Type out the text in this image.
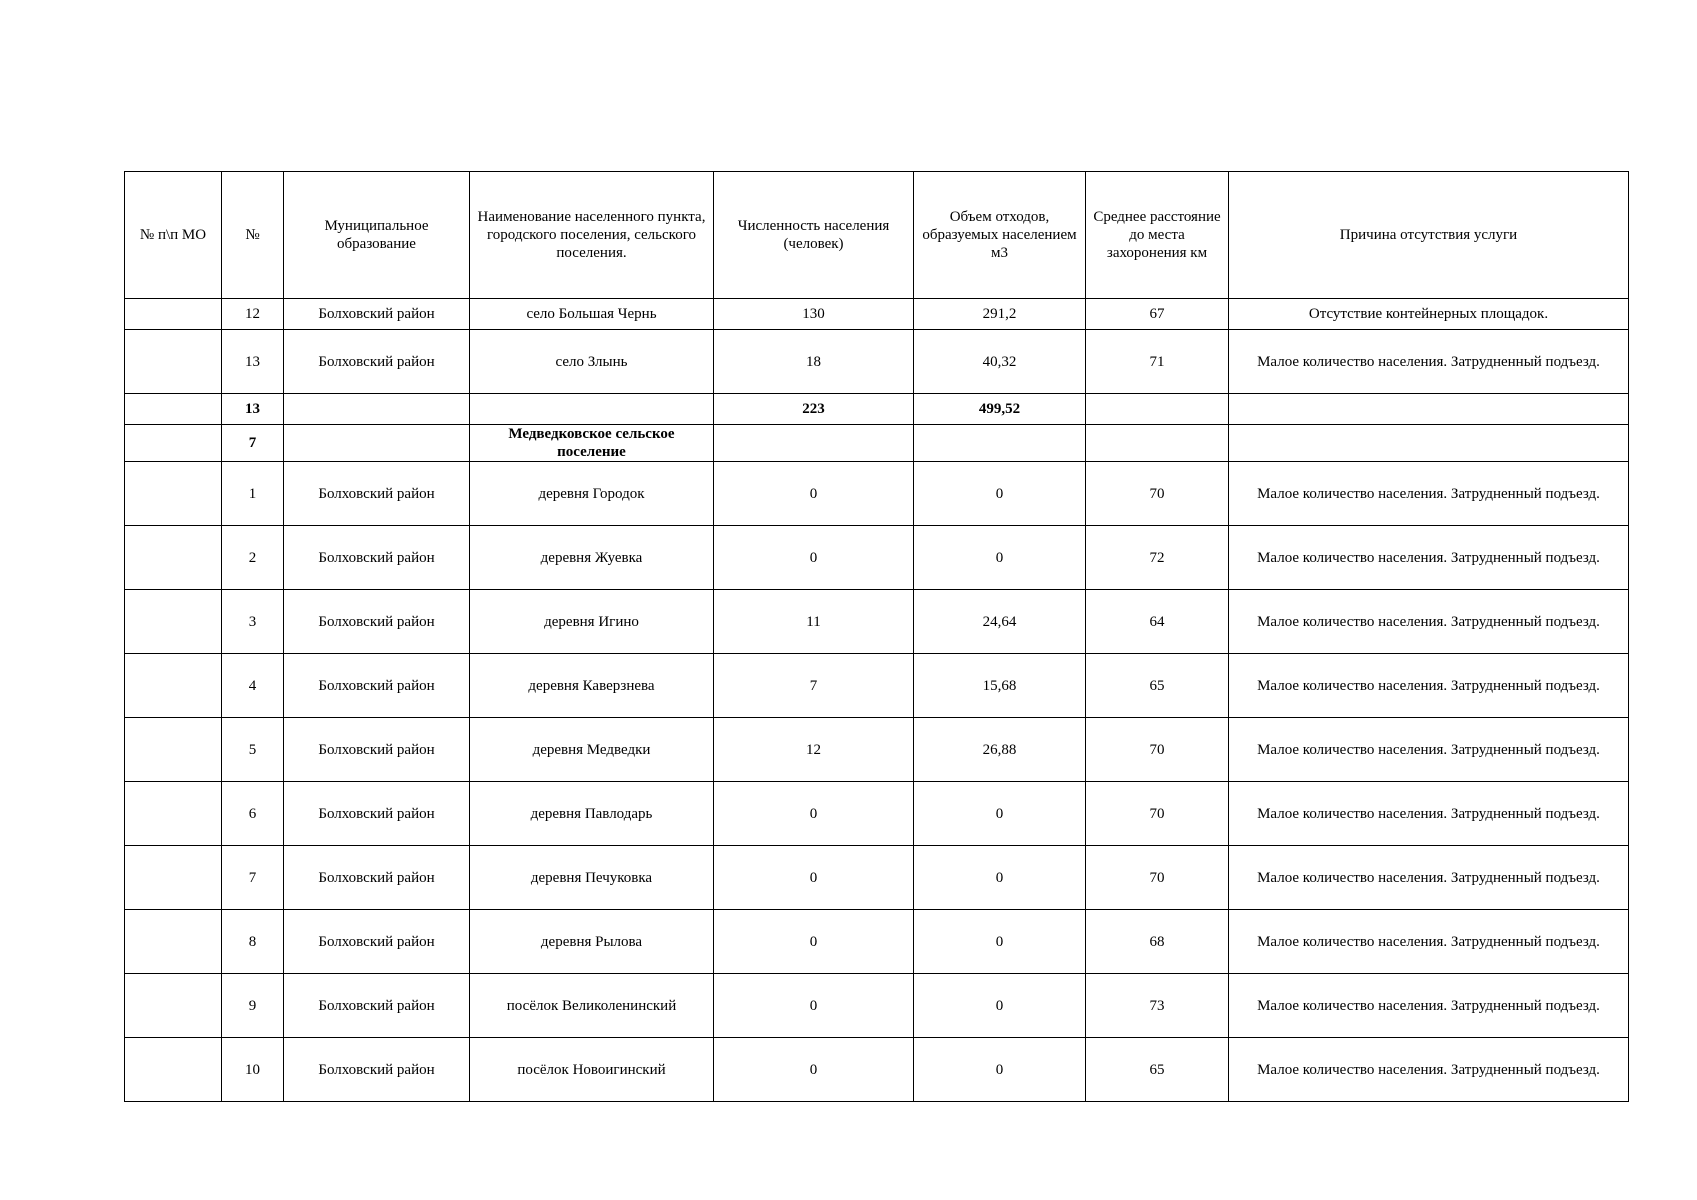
№ п\п МО	№	Муниципальное образование	Наименование населенного пункта, городского поселения, сельского поселения.	Численность населения (человек)	Объем отходов, образуемых населением м3	Среднее расстояние до места захоронения км	Причина отсутствия услуги
	12	Болховский район	село Большая Чернь	130	291,2	67	Отсутствие контейнерных площадок.
	13	Болховский район	село Злынь	18	40,32	71	Малое количество населения. Затрудненный подъезд.
	13			223	499,52		
	7		Медведковское сельское поселение				
	1	Болховский район	деревня Городок	0	0	70	Малое количество населения. Затрудненный подъезд.
	2	Болховский район	деревня Жуевка	0	0	72	Малое количество населения. Затрудненный подъезд.
	3	Болховский район	деревня Игино	11	24,64	64	Малое количество населения. Затрудненный подъезд.
	4	Болховский район	деревня Каверзнева	7	15,68	65	Малое количество населения. Затрудненный подъезд.
	5	Болховский район	деревня Медведки	12	26,88	70	Малое количество населения. Затрудненный подъезд.
	6	Болховский район	деревня Павлодарь	0	0	70	Малое количество населения. Затрудненный подъезд.
	7	Болховский район	деревня Печуковка	0	0	70	Малое количество населения. Затрудненный подъезд.
	8	Болховский район	деревня Рылова	0	0	68	Малое количество населения. Затрудненный подъезд.
	9	Болховский район	посёлок Великоленинский	0	0	73	Малое количество населения. Затрудненный подъезд.
	10	Болховский район	посёлок Новоигинский	0	0	65	Малое количество населения. Затрудненный подъезд.
